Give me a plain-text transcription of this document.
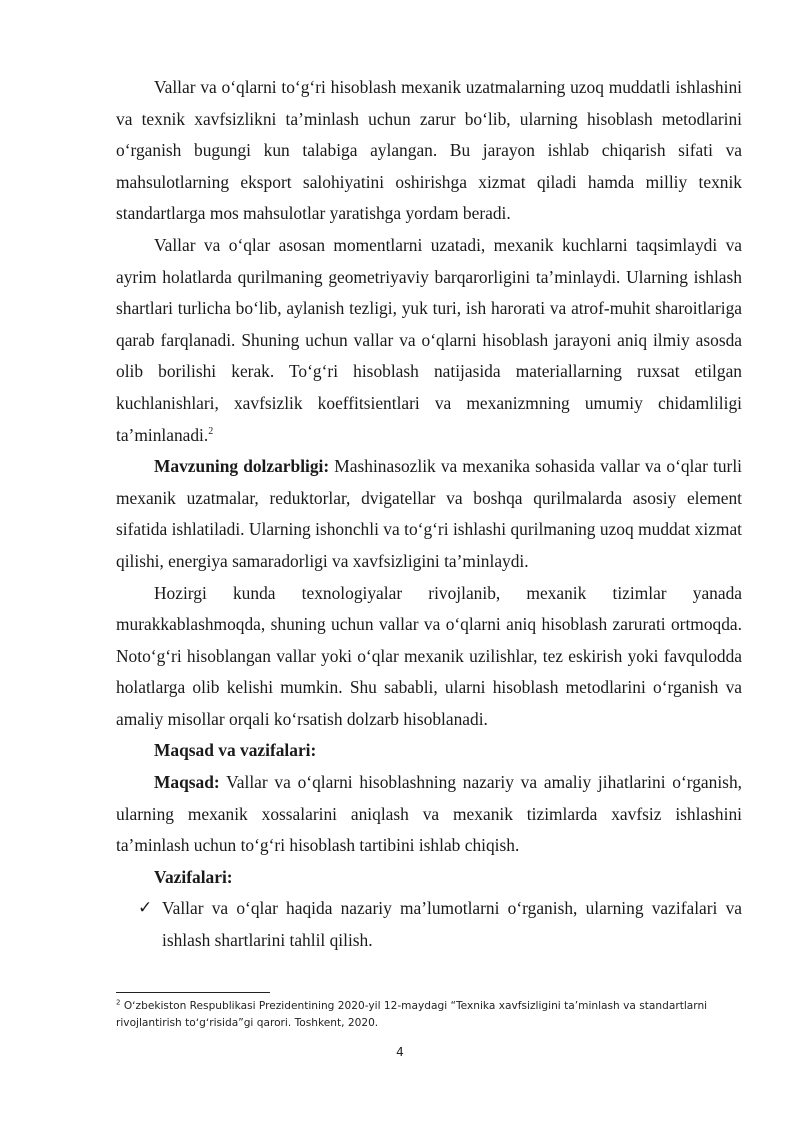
Vallar va oʻqlarni toʻgʻri hisoblash mexanik uzatmalarning uzoq muddatli ishlashini va texnik xavfsizlikni taʼminlash uchun zarur boʻlib, ularning hisoblash metodlarini oʻrganish bugungi kun talabiga aylangan. Bu jarayon ishlab chiqarish sifati va mahsulotlarning eksport salohiyatini oshirishga xizmat qiladi hamda milliy texnik standartlarga mos mahsulotlar yaratishga yordam beradi.

Vallar va oʻqlar asosan momentlarni uzatadi, mexanik kuchlarni taqsimlaydi va ayrim holatlarda qurilmaning geometriyaviy barqarorligini taʼminlaydi. Ularning ishlash shartlari turlicha boʻlib, aylanish tezligi, yuk turi, ish harorati va atrof-muhit sharoitlariga qarab farqlanadi. Shuning uchun vallar va oʻqlarni hisoblash jarayoni aniq ilmiy asosda olib borilishi kerak. Toʻgʻri hisoblash natijasida materiallarning ruxsat etilgan kuchlanishlari, xavfsizlik koeffitsientlari va mexanizmning umumiy chidamliligi taʼminlanadi.$^2$

Mavzuning dolzarbligi: Mashinasozlik va mexanika sohasida vallar va oʻqlar turli mexanik uzatmalar, reduktorlar, dvigatellar va boshqa qurilmalarda asosiy element sifatida ishlatiladi. Ularning ishonchli va toʻgʻri ishlashi qurilmaning uzoq muddat xizmat qilishi, energiya samaradorligi va xavfsizligini taʼminlaydi.

Hozirgi kunda texnologiyalar rivojlanib, mexanik tizimlar yanada murakkablashmoqda, shuning uchun vallar va oʻqlarni aniq hisoblash zarurati ortmoqda. Notoʻgʻri hisoblangan vallar yoki oʻqlar mexanik uzilishlar, tez eskirish yoki favqulodda holatlarga olib kelishi mumkin. Shu sababli, ularni hisoblash metodlarini oʻrganish va amaliy misollar orqali koʻrsatish dolzarb hisoblanadi.

Maqsad va vazifalari:

Maqsad: Vallar va oʻqlarni hisoblashning nazariy va amaliy jihatlarini oʻrganish, ularning mexanik xossalarini aniqlash va mexanik tizimlarda xavfsiz ishlashini taʼminlash uchun toʻgʻri hisoblash tartibini ishlab chiqish.

Vazifalari:

✓ Vallar va oʻqlar haqida nazariy maʼlumotlarni oʻrganish, ularning vazifalari va ishlash shartlarini tahlil qilish.
$^2$ Oʻzbekiston Respublikasi Prezidentining 2020-yil 12-maydagi “Texnika xavfsizligini taʼminlash va standartlarni rivojlantirish toʻgʻrisida”gi qarori. Toshkent, 2020.
4
